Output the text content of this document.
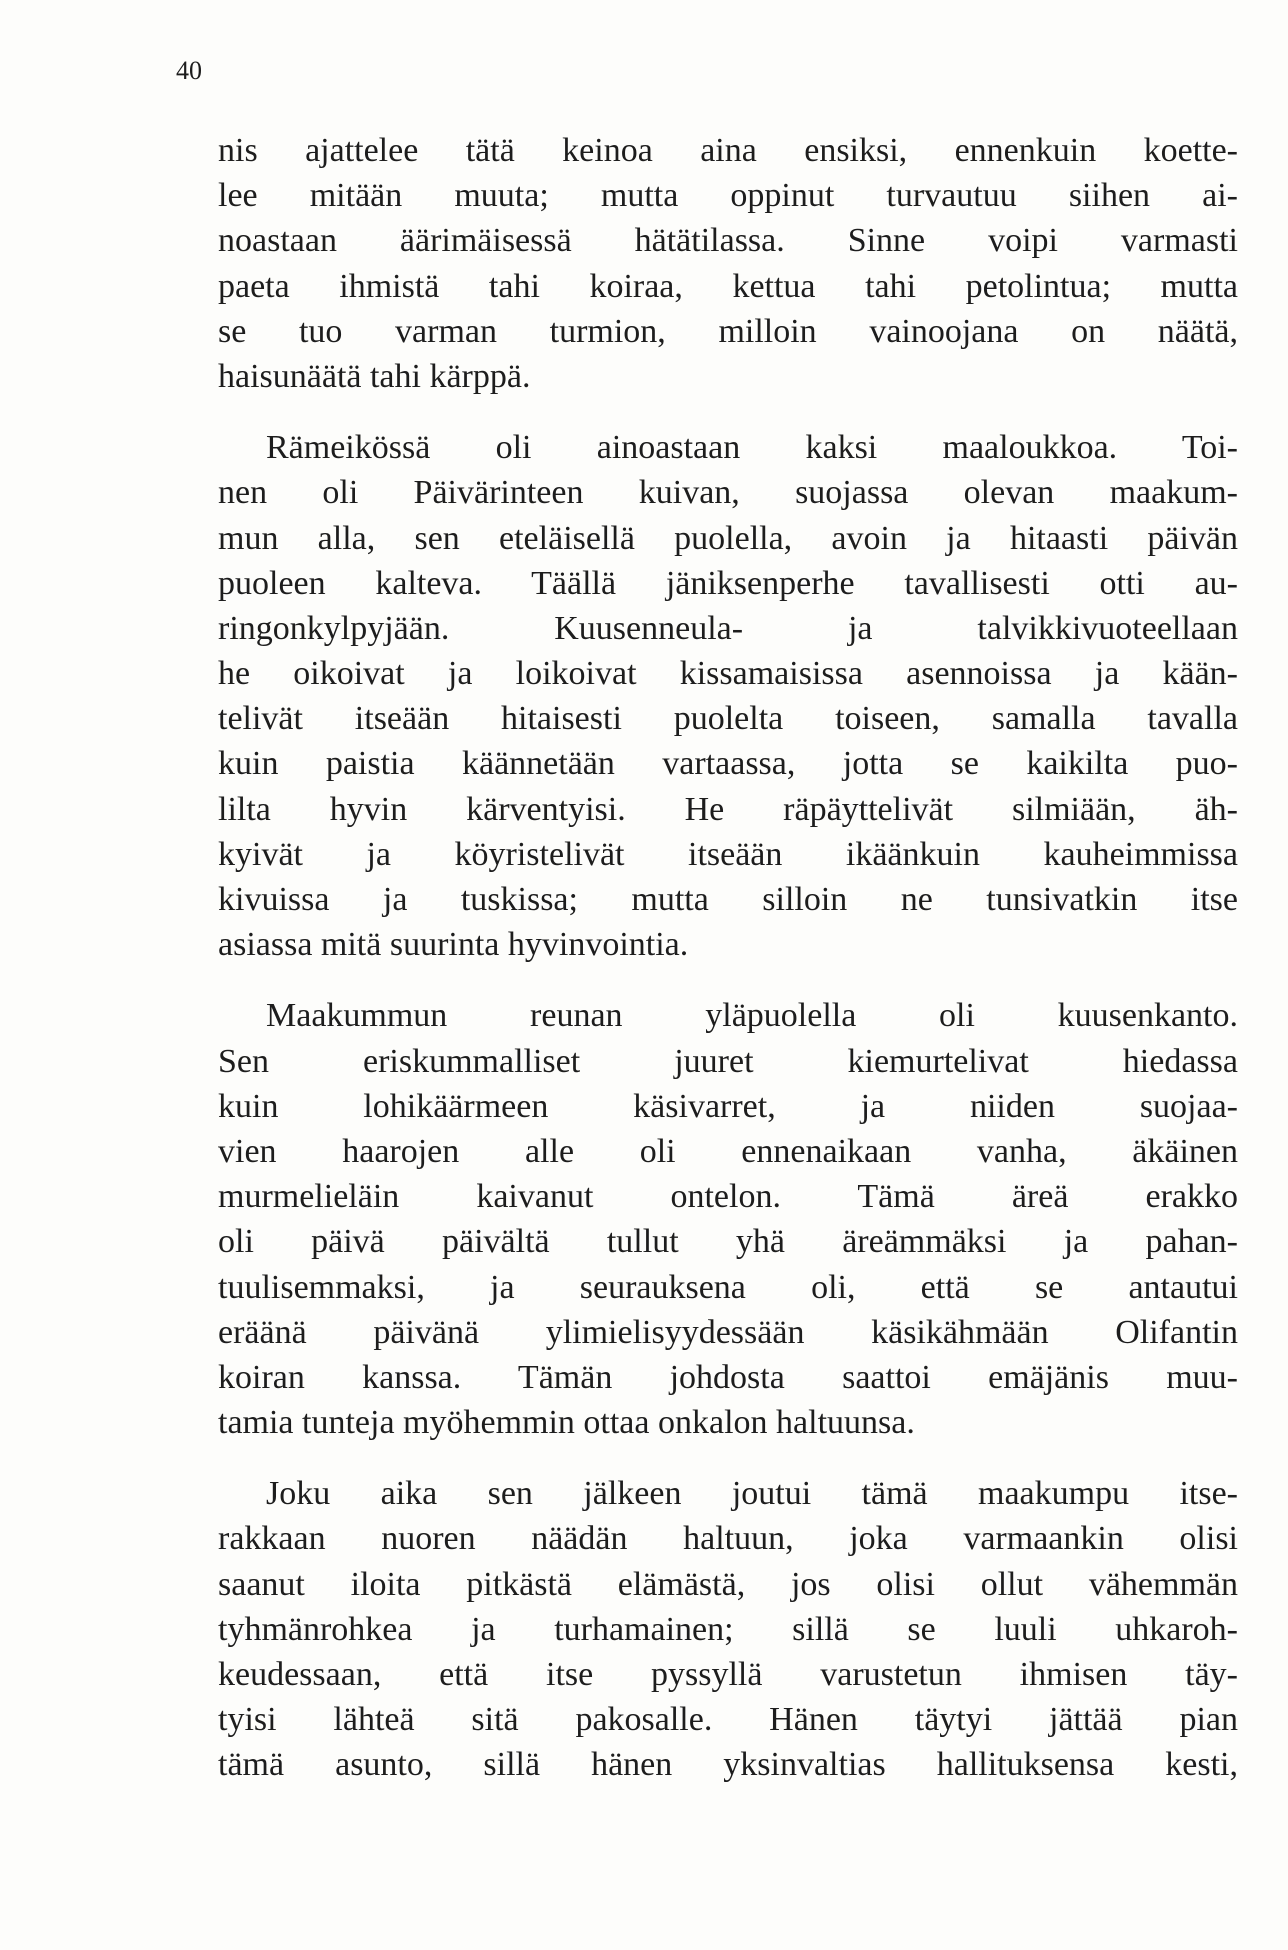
40

nis ajattelee tätä keinoa aina ensiksi, ennenkuin koette-
lee mitään muuta; mutta oppinut turvautuu siihen ai-
noastaan äärimäisessä hätätilassa. Sinne voipi varmasti
paeta ihmistä tahi koiraa, kettua tahi petolintua; mutta
se tuo varman turmion, milloin vainoojana on näätä,
haisunäätä tahi kärppä.

Rämeikössä oli ainoastaan kaksi maaloukkoa. Toi-
nen oli Päivärinteen kuivan, suojassa olevan maakum-
mun alla, sen eteläisellä puolella, avoin ja hitaasti päivän
puoleen kalteva. Täällä jäniksenperhe tavallisesti otti au-
ringonkylpyjään. Kuusenneula- ja talvikkivuoteellaan
he oikoivat ja loikoivat kissamaisissa asennoissa ja kään-
telivät itseään hitaisesti puolelta toiseen, samalla tavalla
kuin paistia käännetään vartaassa, jotta se kaikilta puo-
lilta hyvin kärventyisi. He räpäyttelivät silmiään, äh-
kyivät ja köyristelivät itseään ikäänkuin kauheimmissa
kivuissa ja tuskissa; mutta silloin ne tunsivatkin itse
asiassa mitä suurinta hyvinvointia.

Maakummun reunan yläpuolella oli kuusenkanto.
Sen eriskummalliset juuret kiemurtelivat hiedassa
kuin lohikäärmeen käsivarret, ja niiden suojaa-
vien haarojen alle oli ennenaikaan vanha, äkäinen
murmelieläin kaivanut ontelon. Tämä äreä erakko
oli päivä päivältä tullut yhä äreämmäksi ja pahan-
tuulisemmaksi, ja seurauksena oli, että se antautui
eräänä päivänä ylimielisyydessään käsikähmään Olifantin
koiran kanssa. Tämän johdosta saattoi emäjänis muu-
tamia tunteja myöhemmin ottaa onkalon haltuunsa.

Joku aika sen jälkeen joutui tämä maakumpu itse-
rakkaan nuoren näädän haltuun, joka varmaankin olisi
saanut iloita pitkästä elämästä, jos olisi ollut vähemmän
tyhmänrohkea ja turhamainen; sillä se luuli uhkaroh-
keudessaan, että itse pyssyllä varustetun ihmisen täy-
tyisi lähteä sitä pakosalle. Hänen täytyi jättää pian
tämä asunto, sillä hänen yksinvaltias hallituksensa kesti,
